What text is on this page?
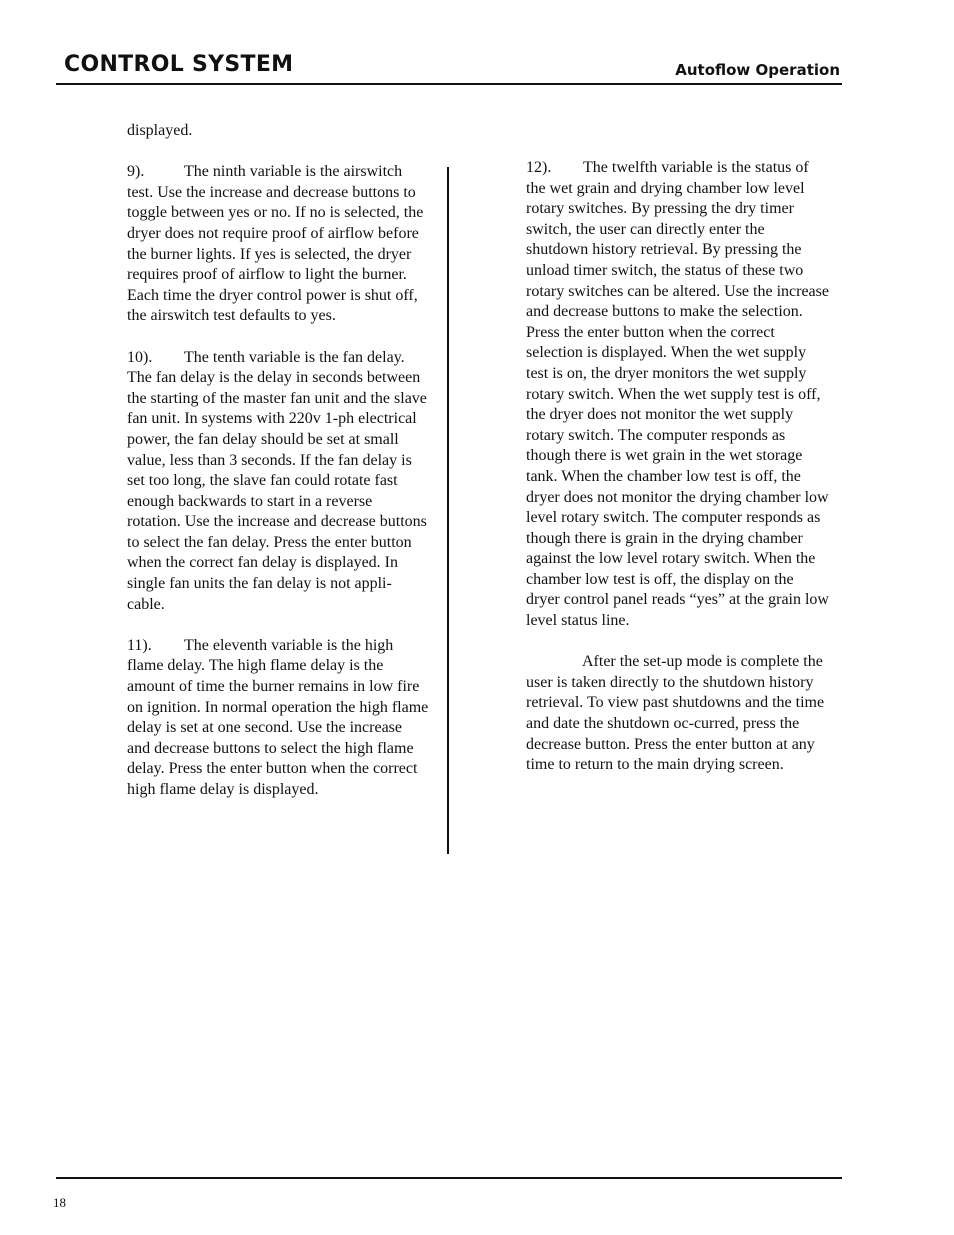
CONTROL SYSTEM	Autoflow Operation

displayed.

9). The ninth variable is the airswitch test. Use the increase and decrease buttons to toggle between yes or no. If no is selected, the dryer does not require proof of airflow before the burner lights. If yes is selected, the dryer requires proof of airflow to light the burner. Each time the dryer control power is shut off, the airswitch test defaults to yes.

10). The tenth variable is the fan delay. The fan delay is the delay in seconds between the starting of the master fan unit and the slave fan unit. In systems with 220v 1-ph electrical power, the fan delay should be set at small value, less than 3 seconds. If the fan delay is set too long, the slave fan could rotate fast enough backwards to start in a reverse rotation. Use the increase and decrease buttons to select the fan delay. Press the enter button when the correct fan delay is displayed. In single fan units the fan delay is not appli-cable.

11). The eleventh variable is the high flame delay. The high flame delay is the amount of time the burner remains in low fire on ignition. In normal operation the high flame delay is set at one second. Use the increase and decrease buttons to select the high flame delay. Press the enter button when the correct high flame delay is displayed.

12). The twelfth variable is the status of the wet grain and drying chamber low level rotary switches. By pressing the dry timer switch, the user can directly enter the shutdown history retrieval. By pressing the unload timer switch, the status of these two rotary switches can be altered. Use the increase and decrease buttons to make the selection. Press the enter button when the correct selection is displayed. When the wet supply test is on, the dryer monitors the wet supply rotary switch. When the wet supply test is off, the dryer does not monitor the wet supply rotary switch. The computer responds as though there is wet grain in the wet storage tank. When the chamber low test is off, the dryer does not monitor the drying chamber low level rotary switch. The computer responds as though there is grain in the drying chamber against the low level rotary switch. When the chamber low test is off, the display on the dryer control panel reads “yes” at the grain low level status line.

After the set-up mode is complete the user is taken directly to the shutdown history retrieval. To view past shutdowns and the time and date the shutdown oc-curred, press the decrease button. Press the enter button at any time to return to the main drying screen.

18
